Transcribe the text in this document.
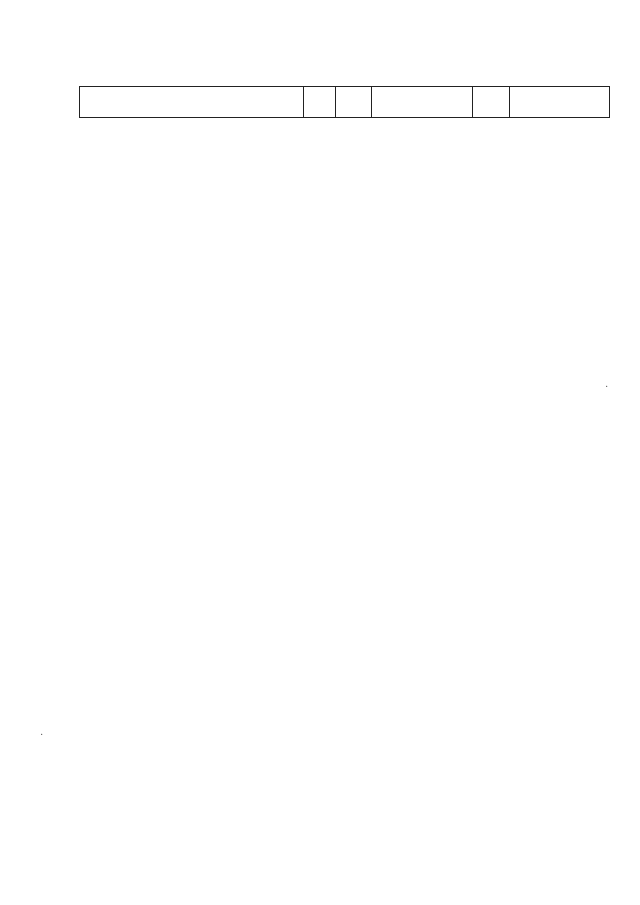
·
·
